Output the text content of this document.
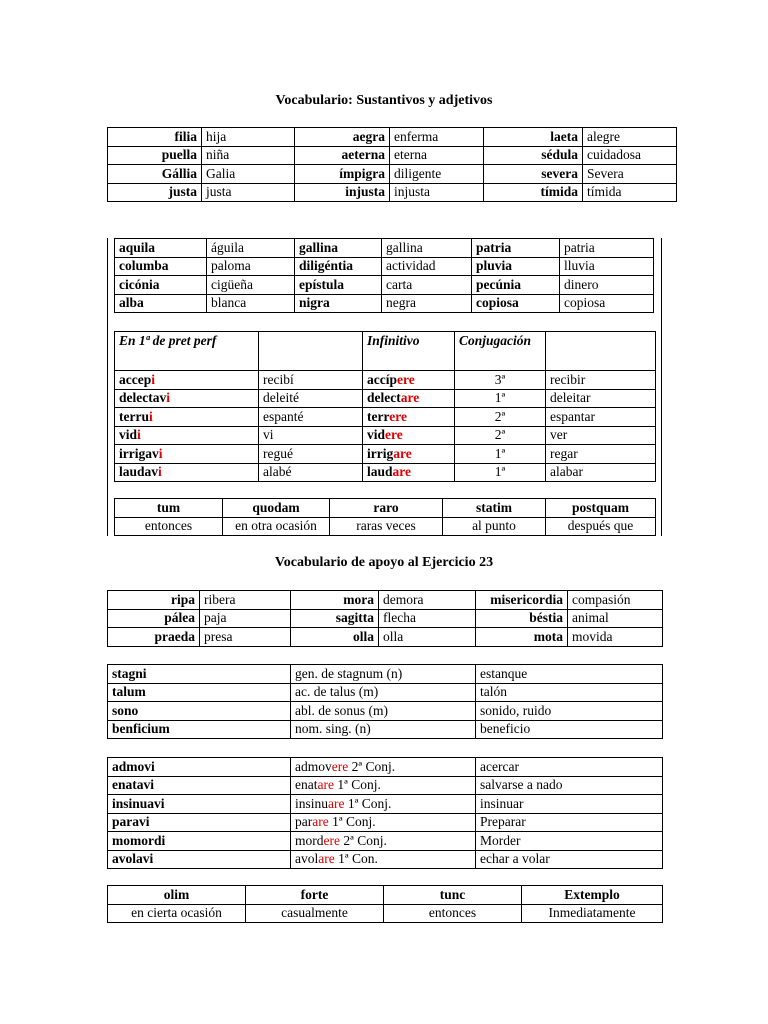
Vocabulario: Sustantivos y adjetivos
filia	hija	aegra	enferma	laeta	alegre
puella	niña	aeterna	eterna	sédula	cuidadosa
Gállia	Galia	ímpigra	diligente	severa	Severa
justa	justa	injusta	injusta	tímida	tímida
aquila	águila	gallina	gallina	patria	patria
columba	paloma	diligéntia	actividad	pluvia	lluvia
cicónia	cigüeña	epístula	carta	pecúnia	dinero
alba	blanca	nigra	negra	copiosa	copiosa
En 1ª de pret perf		Infinitivo	Conjugación	
accepi	recibí	accípere	3ª	recibir
delectavi	deleité	delectare	1ª	deleitar
terrui	espanté	terrere	2ª	espantar
vidi	vi	videre	2ª	ver
irrigavi	regué	irrigare	1ª	regar
laudavi	alabé	laudare	1ª	alabar
tum	quodam	raro	statim	postquam
entonces	en otra ocasión	raras veces	al punto	después que
Vocabulario de apoyo al Ejercicio 23
ripa	ribera	mora	demora	misericordia	compasión
pálea	paja	sagitta	flecha	béstia	animal
praeda	presa	olla	olla	mota	movida
stagni	gen. de stagnum (n)	estanque
talum	ac. de talus (m)	talón
sono	abl. de sonus (m)	sonido, ruido
benficium	nom. sing. (n)	beneficio
admovi	admovere 2ª Conj.	acercar
enatavi	enatare 1ª Conj.	salvarse a nado
insinuavi	insinuare 1ª Conj.	insinuar
paravi	parare 1ª Conj.	Preparar
momordi	mordere 2ª Conj.	Morder
avolavi	avolare 1ª Con.	echar a volar
olim	forte	tunc	Extemplo
en cierta ocasión	casualmente	entonces	Inmediatamente
